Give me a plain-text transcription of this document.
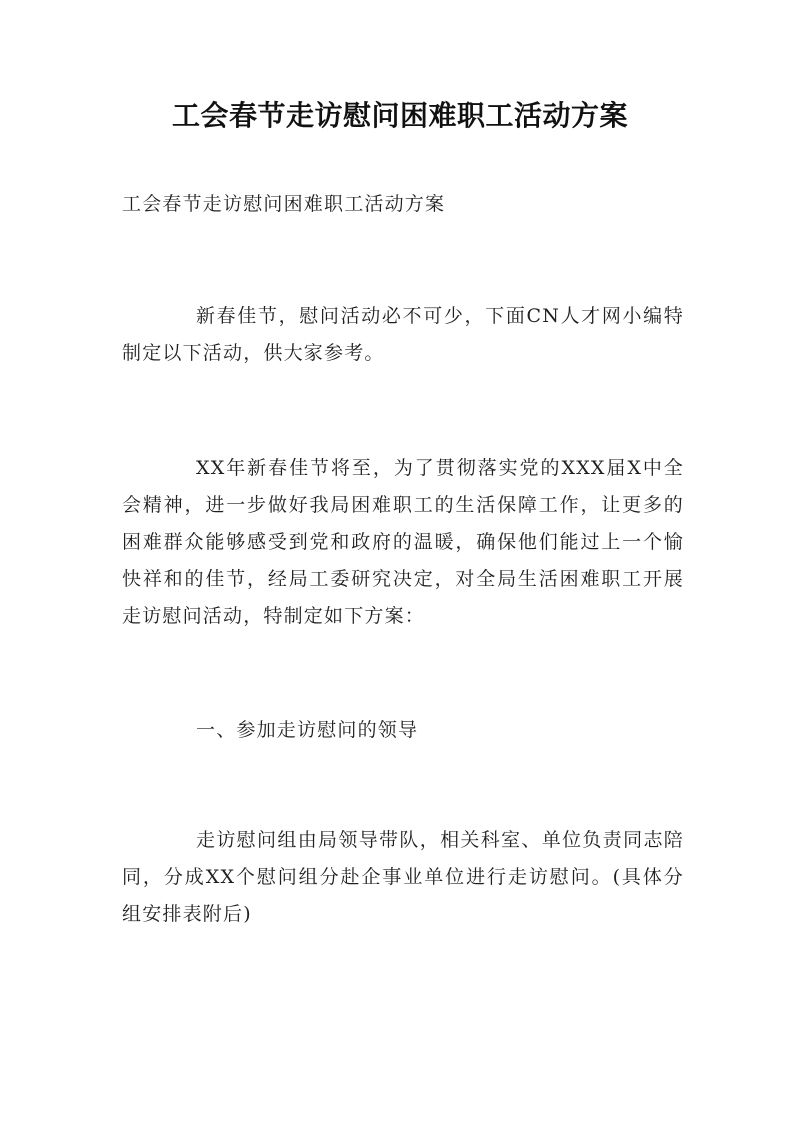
工会春节走访慰问困难职工活动方案
工会春节走访慰问困难职工活动方案
新春佳节，慰问活动必不可少，下面CN人才网小编特制定以下活动，供大家参考。
XX年新春佳节将至，为了贯彻落实党的XXX届X中全会精神，进一步做好我局困难职工的生活保障工作，让更多的困难群众能够感受到党和政府的温暖，确保他们能过上一个愉快祥和的佳节，经局工委研究决定，对全局生活困难职工开展走访慰问活动，特制定如下方案：
一、参加走访慰问的领导
走访慰问组由局领导带队，相关科室、单位负责同志陪同，分成XX个慰问组分赴企事业单位进行走访慰问。(具体分组安排表附后)
